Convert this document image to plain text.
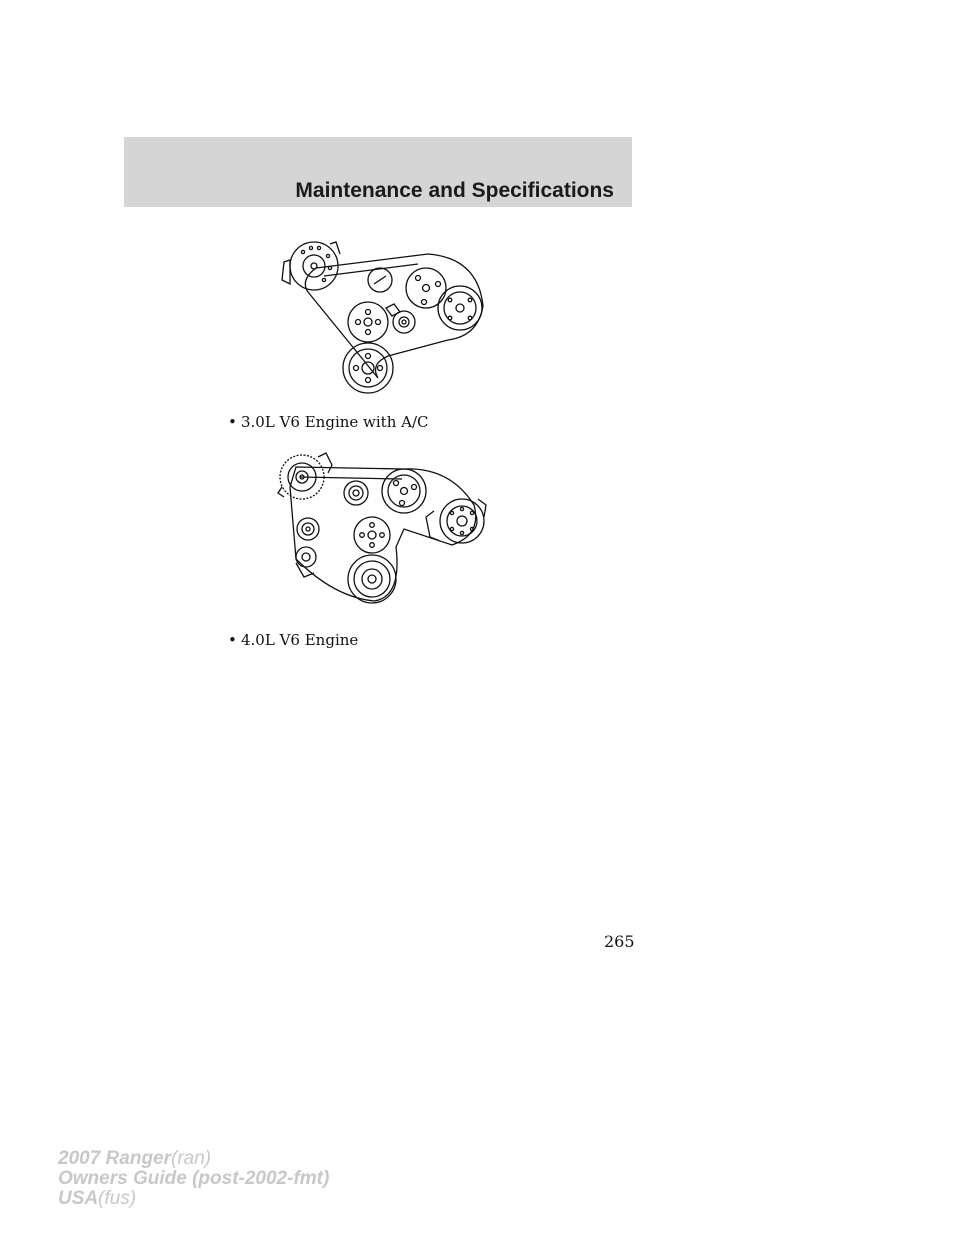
Maintenance and Specifications
• 3.0L V6 Engine with A/C
• 4.0L V6 Engine
265
2007 Ranger(ran)
Owners Guide (post-2002-fmt)
USA(fus)
